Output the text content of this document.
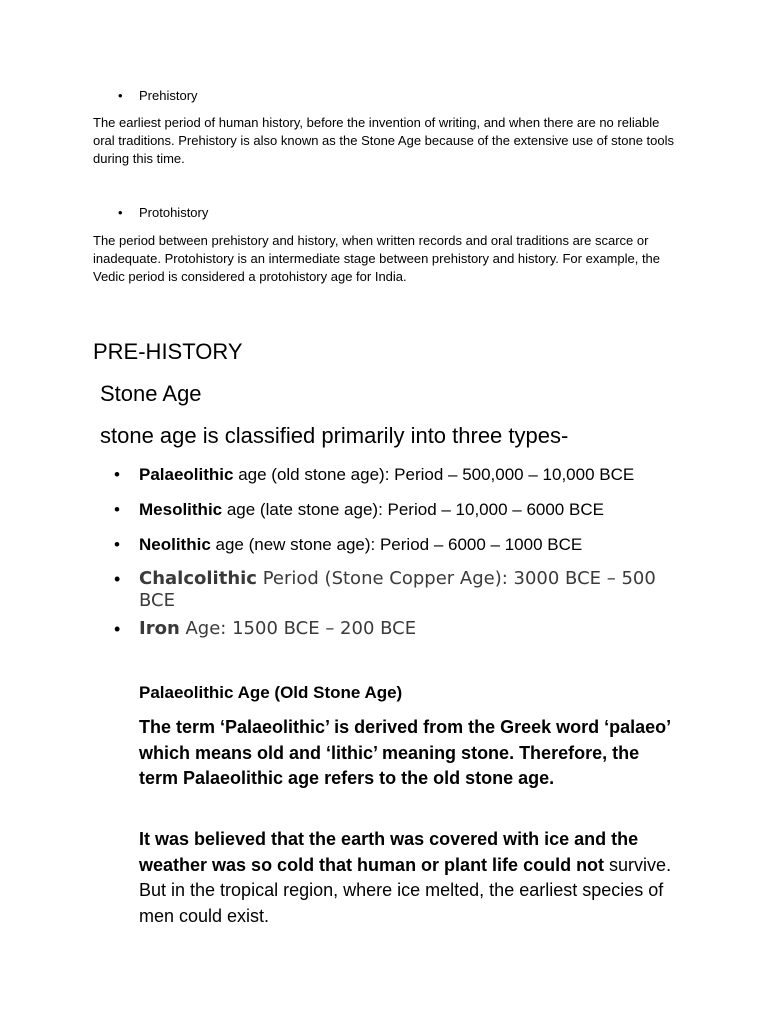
• Prehistory
The earliest period of human history, before the invention of writing, and when there are no reliable oral traditions. Prehistory is also known as the Stone Age because of the extensive use of stone tools during this time.
• Protohistory
The period between prehistory and history, when written records and oral traditions are scarce or inadequate. Protohistory is an intermediate stage between prehistory and history. For example, the Vedic period is considered a protohistory age for India.
PRE-HISTORY
Stone Age
stone age is classified primarily into three types-
• Palaeolithic age (old stone age): Period – 500,000 – 10,000 BCE
• Mesolithic age (late stone age): Period – 10,000 – 6000 BCE
• Neolithic age (new stone age): Period – 6000 – 1000 BCE
• Chalcolithic Period (Stone Copper Age): 3000 BCE – 500 BCE
• Iron Age: 1500 BCE – 200 BCE
Palaeolithic Age (Old Stone Age)
The term ‘Palaeolithic’ is derived from the Greek word ‘palaeo’ which means old and ‘lithic’ meaning stone. Therefore, the term Palaeolithic age refers to the old stone age.
It was believed that the earth was covered with ice and the weather was so cold that human or plant life could not survive. But in the tropical region, where ice melted, the earliest species of men could exist.
